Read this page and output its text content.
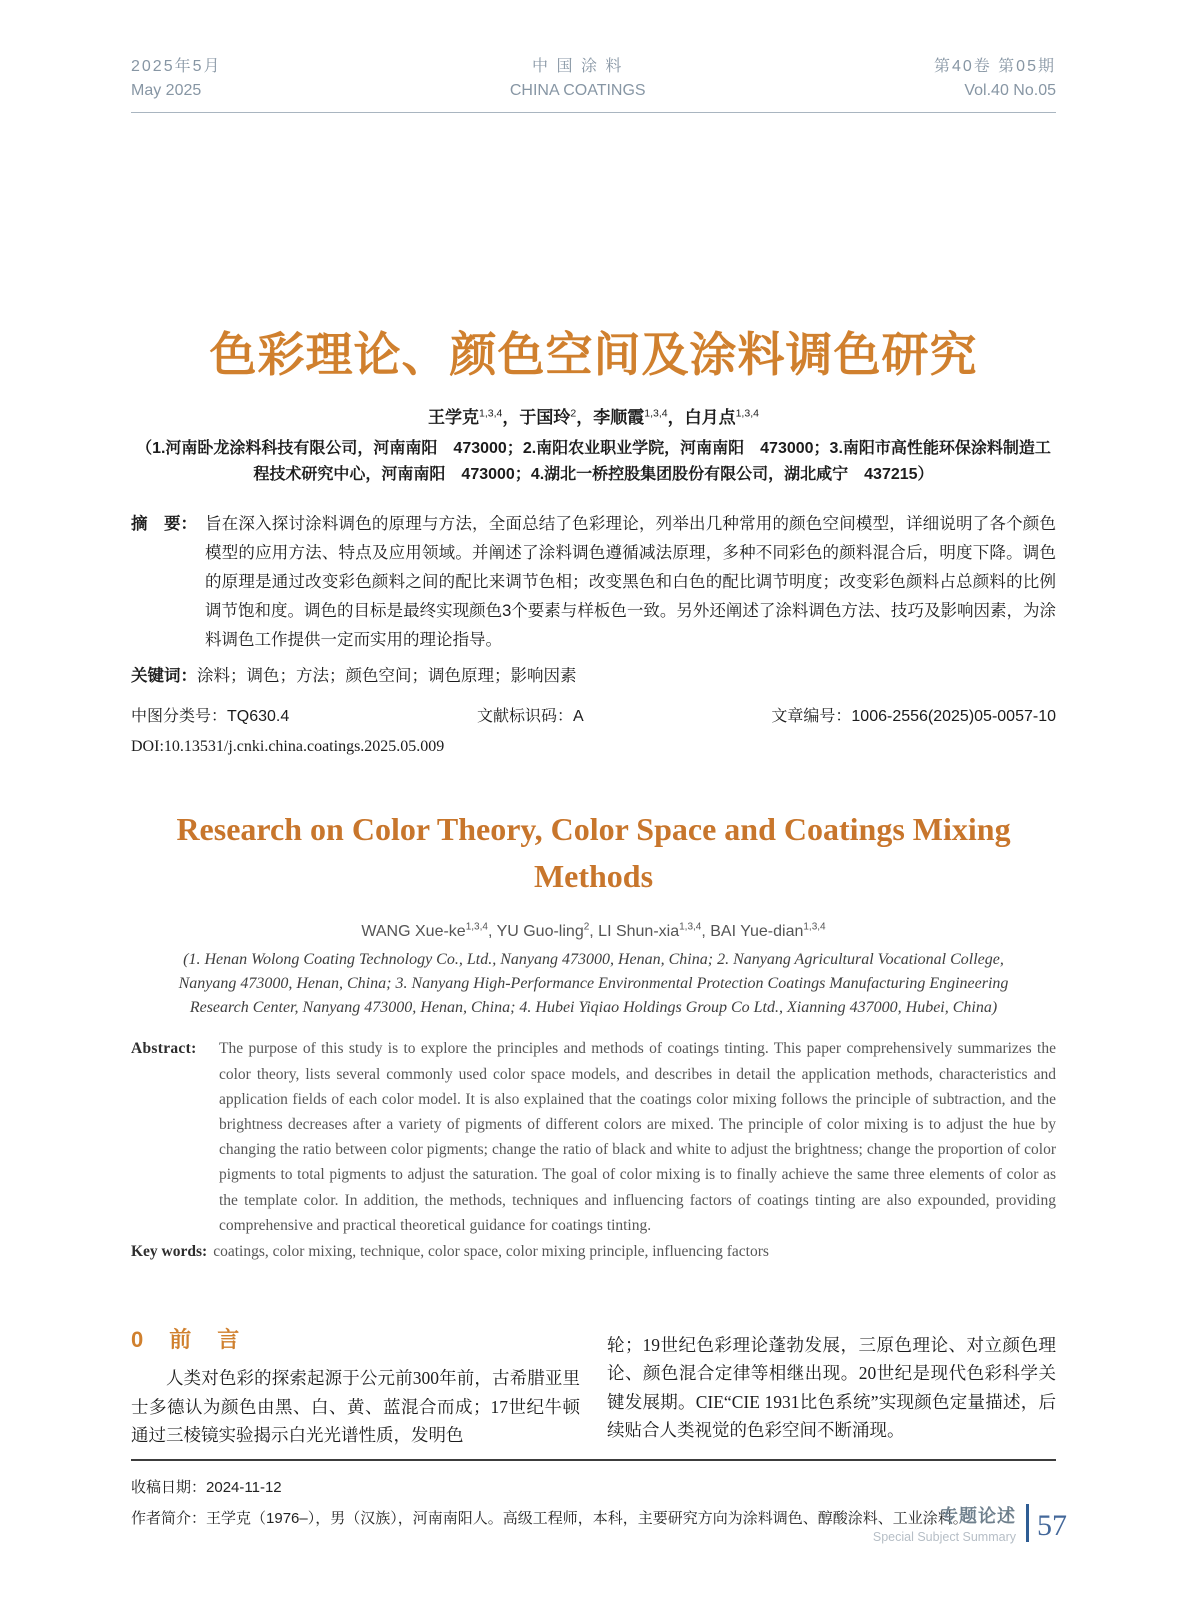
2025年5月
May 2025
中 国 涂 料
CHINA COATINGS
第40卷 第05期
Vol.40 No.05
色彩理论、颜色空间及涂料调色研究
王学克$^{1,3,4}$，于国玲$^2$，李顺霞$^{1,3,4}$，白月点$^{1,3,4}$
（1.河南卧龙涂料科技有限公司，河南南阳　473000；2.南阳农业职业学院，河南南阳　473000；3.南阳市高性能环保涂料制造工
程技术研究中心，河南南阳　473000；4.湖北一桥控股集团股份有限公司，湖北咸宁　437215）
摘　要： 旨在深入探讨涂料调色的原理与方法，全面总结了色彩理论，列举出几种常用的颜色空间模型，详细说明了各个颜色模型的应用方法、特点及应用领域。并阐述了涂料调色遵循减法原理，多种不同彩色的颜料混合后，明度下降。调色的原理是通过改变彩色颜料之间的配比来调节色相；改变黑色和白色的配比调节明度；改变彩色颜料占总颜料的比例调节饱和度。调色的目标是最终实现颜色3个要素与样板色一致。另外还阐述了涂料调色方法、技巧及影响因素，为涂料调色工作提供一定而实用的理论指导。
关键词： 涂料；调色；方法；颜色空间；调色原理；影响因素
中图分类号：TQ630.4	文献标识码：A	文章编号：1006-2556(2025)05-0057-10
DOI:10.13531/j.cnki.china.coatings.2025.05.009
Research on Color Theory, Color Space and Coatings Mixing
Methods
WANG Xue-ke$^{1,3,4}$, YU Guo-ling$^2$, LI Shun-xia$^{1,3,4}$, BAI Yue-dian$^{1,3,4}$
(1. Henan Wolong Coating Technology Co., Ltd., Nanyang 473000, Henan, China; 2. Nanyang Agricultural Vocational College,
Nanyang 473000, Henan, China; 3. Nanyang High-Performance Environmental Protection Coatings Manufacturing Engineering
Research Center, Nanyang 473000, Henan, China; 4. Hubei Yiqiao Holdings Group Co Ltd., Xianning 437000, Hubei, China)
Abstract:	The purpose of this study is to explore the principles and methods of coatings tinting. This paper comprehensively summarizes the color theory, lists several commonly used color space models, and describes in detail the application methods, characteristics and application fields of each color model. It is also explained that the coatings color mixing follows the principle of subtraction, and the brightness decreases after a variety of pigments of different colors are mixed. The principle of color mixing is to adjust the hue by changing the ratio between color pigments; change the ratio of black and white to adjust the brightness; change the proportion of color pigments to total pigments to adjust the saturation. The goal of color mixing is to finally achieve the same three elements of color as the template color. In addition, the methods, techniques and influencing factors of coatings tinting are also expounded, providing comprehensive and practical theoretical guidance for coatings tinting.
Key words: coatings, color mixing, technique, color space, color mixing principle, influencing factors
0　前　言
人类对色彩的探索起源于公元前300年前，古希腊亚里士多德认为颜色由黑、白、黄、蓝混合而成；17世纪牛顿通过三棱镜实验揭示白光光谱性质，发明色
轮；19世纪色彩理论蓬勃发展，三原色理论、对立颜色理论、颜色混合定律等相继出现。20世纪是现代色彩科学关键发展期。CIE“CIE 1931比色系统”实现颜色定量描述，后续贴合人类视觉的色彩空间不断涌现。
收稿日期：2024-11-12
作者简介：王学克（1976–），男（汉族），河南南阳人。高级工程师，本科，主要研究方向为涂料调色、醇酸涂料、工业涂料。
专题论述
Special Subject Summary 57
